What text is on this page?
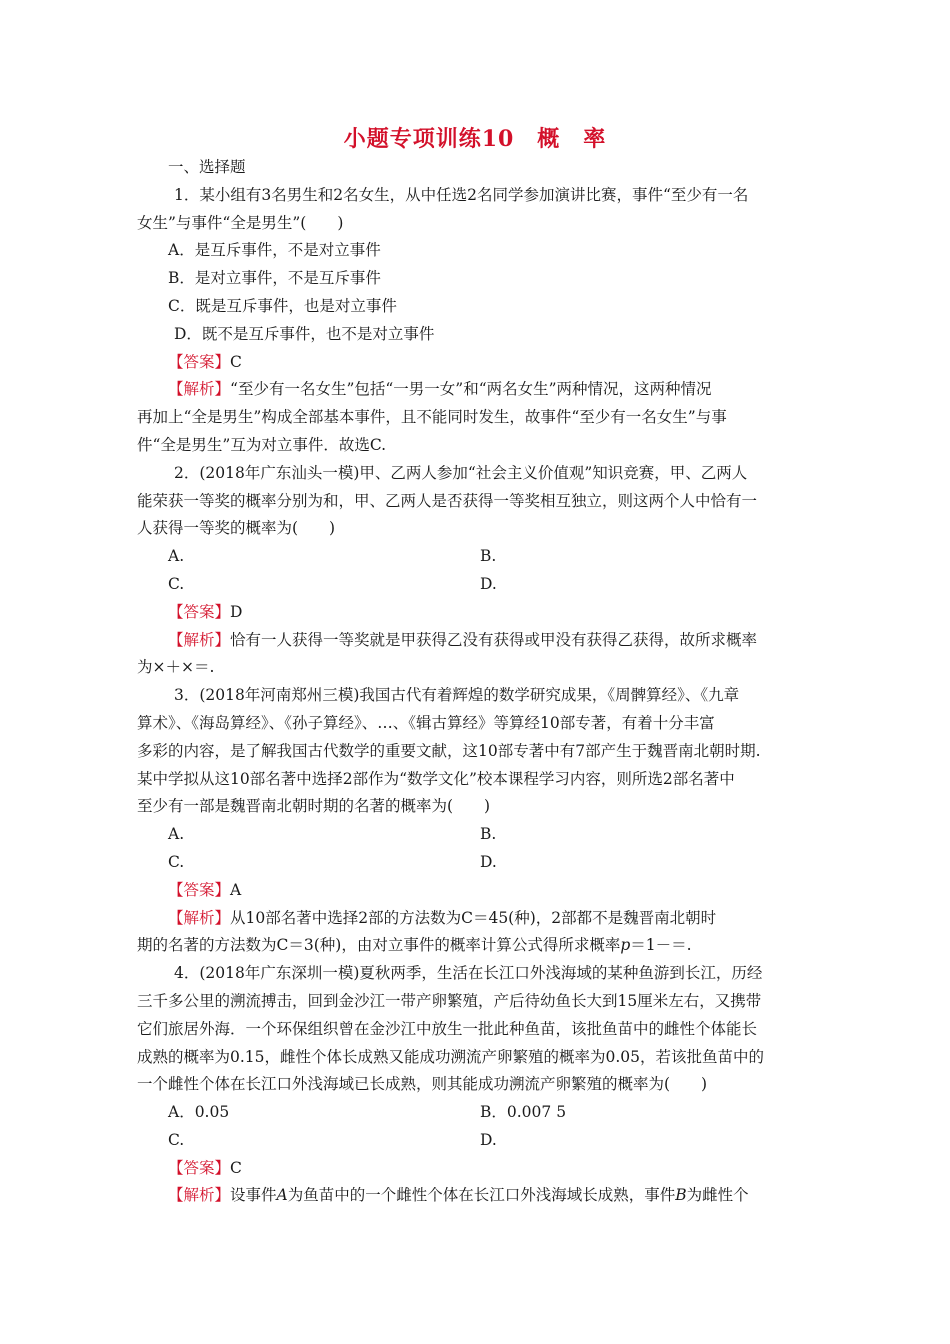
小题专项训练10　概　率
一、选择题
1．某小组有3名男生和2名女生，从中任选2名同学参加演讲比赛，事件“至少有一名
女生”与事件“全是男生”(　　)
A．是互斥事件，不是对立事件
B．是对立事件，不是互斥事件
C．既是互斥事件，也是对立事件
D．既不是互斥事件，也不是对立事件
【答案】C
【解析】“至少有一名女生”包括“一男一女”和“两名女生”两种情况，这两种情况
再加上“全是男生”构成全部基本事件，且不能同时发生，故事件“至少有一名女生”与事
件“全是男生”互为对立事件．故选C.
2．(2018年广东汕头一模)甲、乙两人参加“社会主义价值观”知识竞赛，甲、乙两人
能荣获一等奖的概率分别为和，甲、乙两人是否获得一等奖相互独立，则这两个人中恰有一
人获得一等奖的概率为(　　)
A.	B.
C.	D.
【答案】D
【解析】恰有一人获得一等奖就是甲获得乙没有获得或甲没有获得乙获得，故所求概率
为×＋×＝.
3．(2018年河南郑州三模)我国古代有着辉煌的数学研究成果，《周髀算经》、《九章
算术》、《海岛算经》、《孙子算经》、…、《辑古算经》等算经10部专著，有着十分丰富
多彩的内容，是了解我国古代数学的重要文献，这10部专著中有7部产生于魏晋南北朝时期.
某中学拟从这10部名著中选择2部作为“数学文化”校本课程学习内容，则所选2部名著中
至少有一部是魏晋南北朝时期的名著的概率为(　　)
A.	B.
C.	D.
【答案】A
【解析】从10部名著中选择2部的方法数为C＝45(种)，2部都不是魏晋南北朝时
期的名著的方法数为C＝3(种)，由对立事件的概率计算公式得所求概率p＝1－＝.
4．(2018年广东深圳一模)夏秋两季，生活在长江口外浅海域的某种鱼游到长江，历经
三千多公里的溯流搏击，回到金沙江一带产卵繁殖，产后待幼鱼长大到15厘米左右，又携带
它们旅居外海．一个环保组织曾在金沙江中放生一批此种鱼苗，该批鱼苗中的雌性个体能长
成熟的概率为0.15，雌性个体长成熟又能成功溯流产卵繁殖的概率为0.05，若该批鱼苗中的
一个雌性个体在长江口外浅海域已长成熟，则其能成功溯流产卵繁殖的概率为(　　)
A．0.05	B．0.007 5
C.	D.
【答案】C
【解析】设事件A为鱼苗中的一个雌性个体在长江口外浅海域长成熟，事件B为雌性个
